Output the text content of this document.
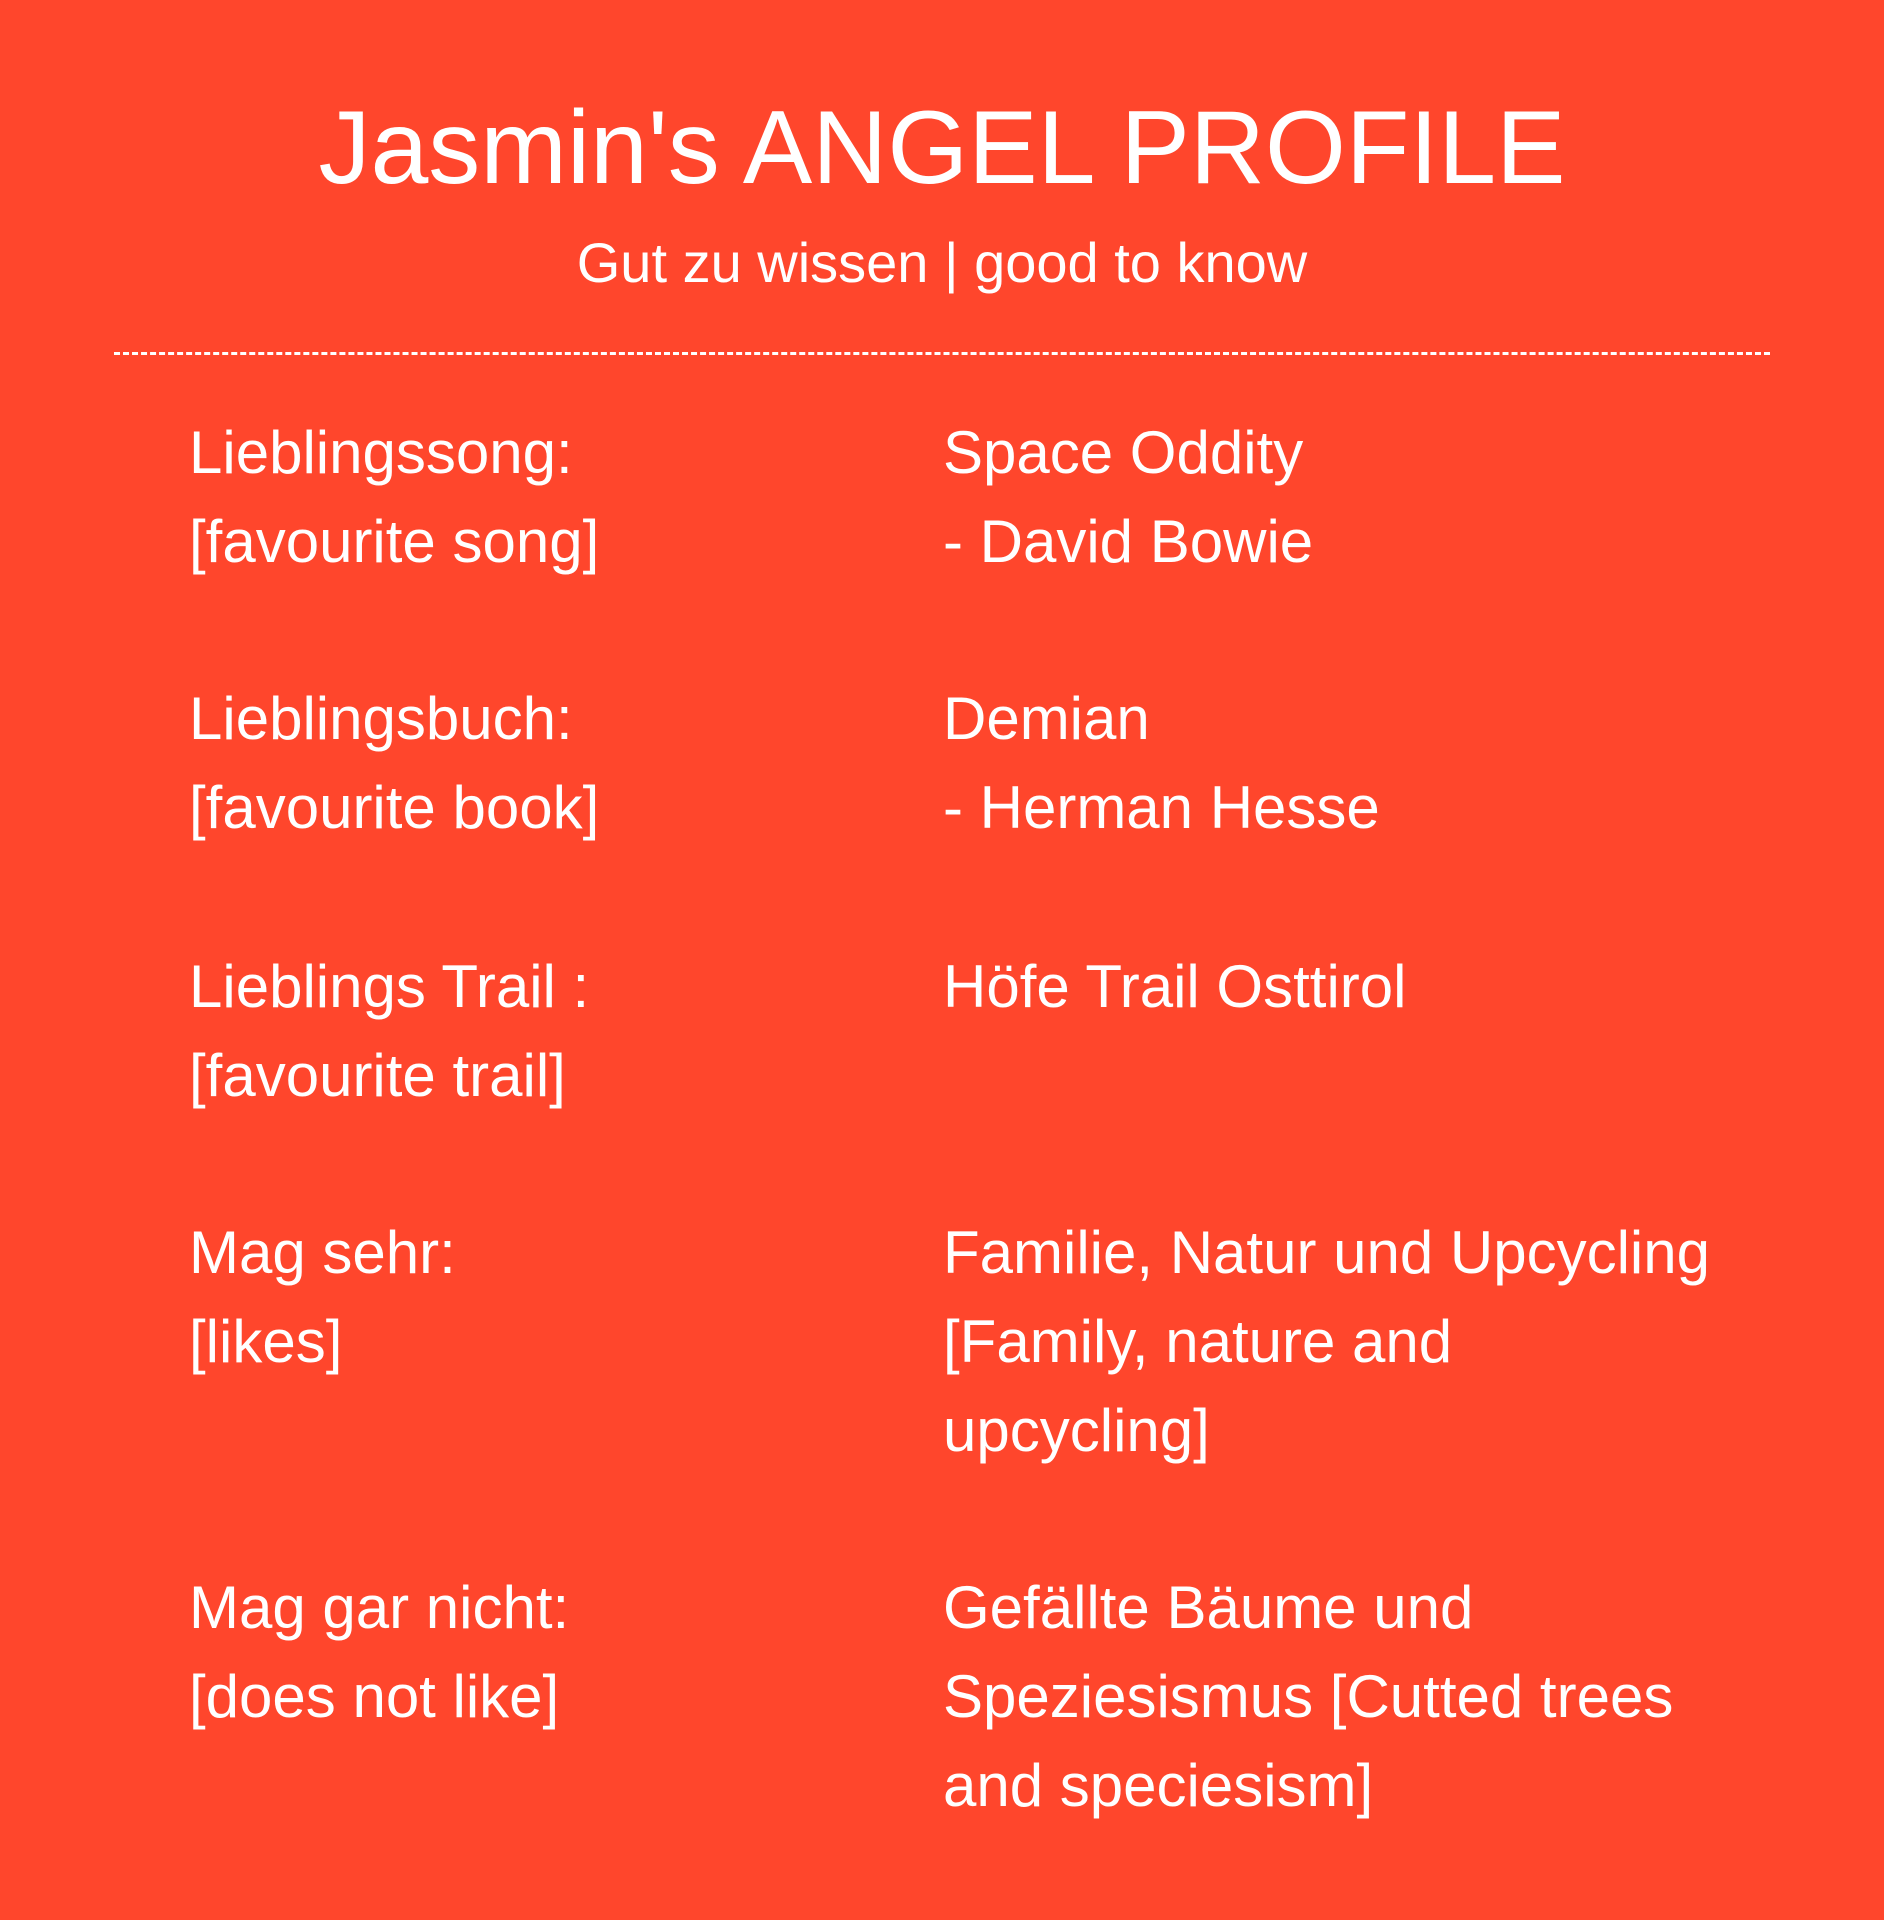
Jasmin's ANGEL PROFILE
Gut zu wissen | good to know
Lieblingssong:
[favourite song]
Space Oddity
- David Bowie
Lieblingsbuch:
[favourite book]
Demian
- Herman Hesse
Lieblings Trail :
[favourite trail]
Höfe Trail Osttirol
Mag sehr:
[likes]
Familie, Natur und Upcycling
[Family, nature and
upcycling]
Mag gar nicht:
[does not like]
Gefällte Bäume und
Speziesismus [Cutted trees
and speciesism]
